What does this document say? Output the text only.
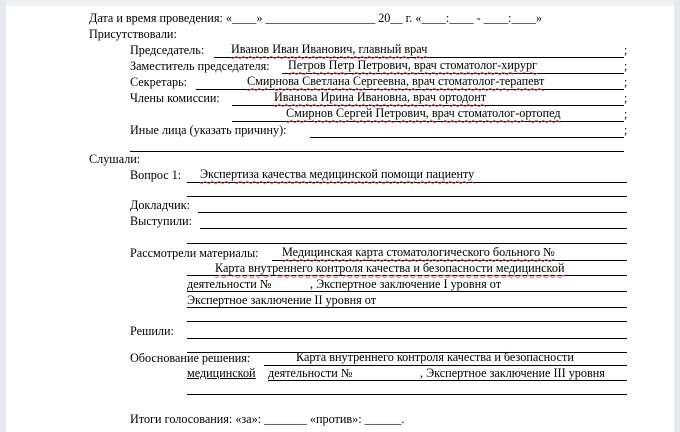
Дата и время проведения: «____» __________________ 20__ г. «____:____ - ____:____»
Присутствовали:
Председатель: Иванов Иван Иванович, главный врач	;
Заместитель председателя: Петров Петр Петрович, врач стоматолог-хирург	;
Секретарь:	Смирнова Светлана Сергеевна, врач стоматолог-терапевт	;
Члены комиссии:	Иванова Ирина Ивановна, врач ортодонт	;
Смирнов Сергей Петрович, врач стоматолог-ортопед	;
Иные лица (указать причину):	;
Слушали:
Вопрос 1: Экспертиза качества медицинской помощи пациенту
Докладчик:
Выступили:
Рассмотрели материалы: Медицинская карта стоматологического больного №
Карта внутреннего контроля качества и безопасности медицинской
деятельности №	, Экспертное заключение I уровня от
Экспертное заключение II уровня от
Решили:
Обоснование решения:	Карта внутреннего контроля качества и безопасности
медицинской деятельности №	, Экспертное заключение III уровня
Итоги голосования: «за»: _______ «против»: ______.
